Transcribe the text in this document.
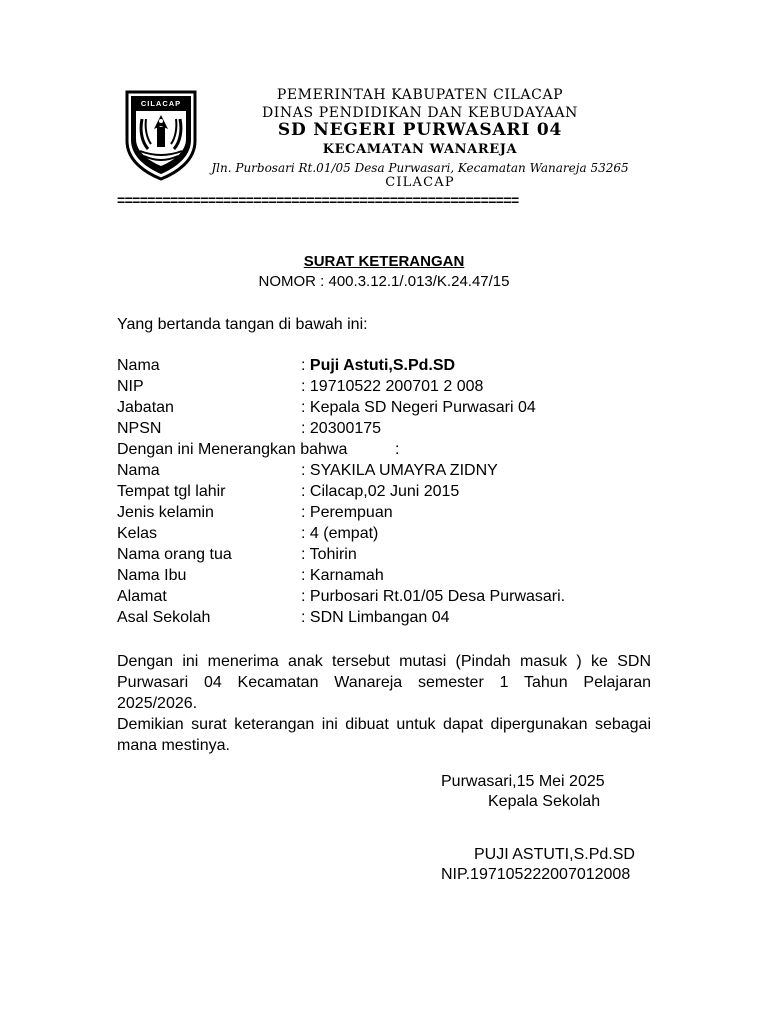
CILACAP
PEMERINTAH KABUPATEN CILACAP
DINAS PENDIDIKAN DAN KEBUDAYAAN
SD NEGERI PURWASARI 04
KECAMATAN WANAREJA
Jln. Purbosari Rt.01/05 Desa Purwasari, Kecamatan Wanareja 53265
CILACAP
=====================================================
SURAT KETERANGAN
NOMOR : 400.3.12.1/.013/K.24.47/15
Yang bertanda tangan di bawah ini:
Nama	: Puji Astuti,S.Pd.SD
NIP	: 19710522 200701 2 008
Jabatan	: Kepala SD Negeri Purwasari 04
NPSN	: 20300175
Dengan ini Menerangkan bahwa	:
Nama	: SYAKILA UMAYRA ZIDNY
Tempat tgl lahir	: Cilacap,02 Juni 2015
Jenis kelamin	: Perempuan
Kelas	: 4 (empat)
Nama orang tua	: Tohirin
Nama Ibu	: Karnamah
Alamat	: Purbosari Rt.01/05 Desa Purwasari.
Asal Sekolah	: SDN Limbangan 04
Dengan ini menerima anak tersebut mutasi (Pindah masuk ) ke SDN Purwasari 04 Kecamatan Wanareja semester 1 Tahun Pelajaran 2025/2026.
Demikian surat keterangan ini dibuat untuk dapat dipergunakan sebagai mana mestinya.
Purwasari,15 Mei 2025
Kepala Sekolah
PUJI ASTUTI,S.Pd.SD
NIP.197105222007012008
